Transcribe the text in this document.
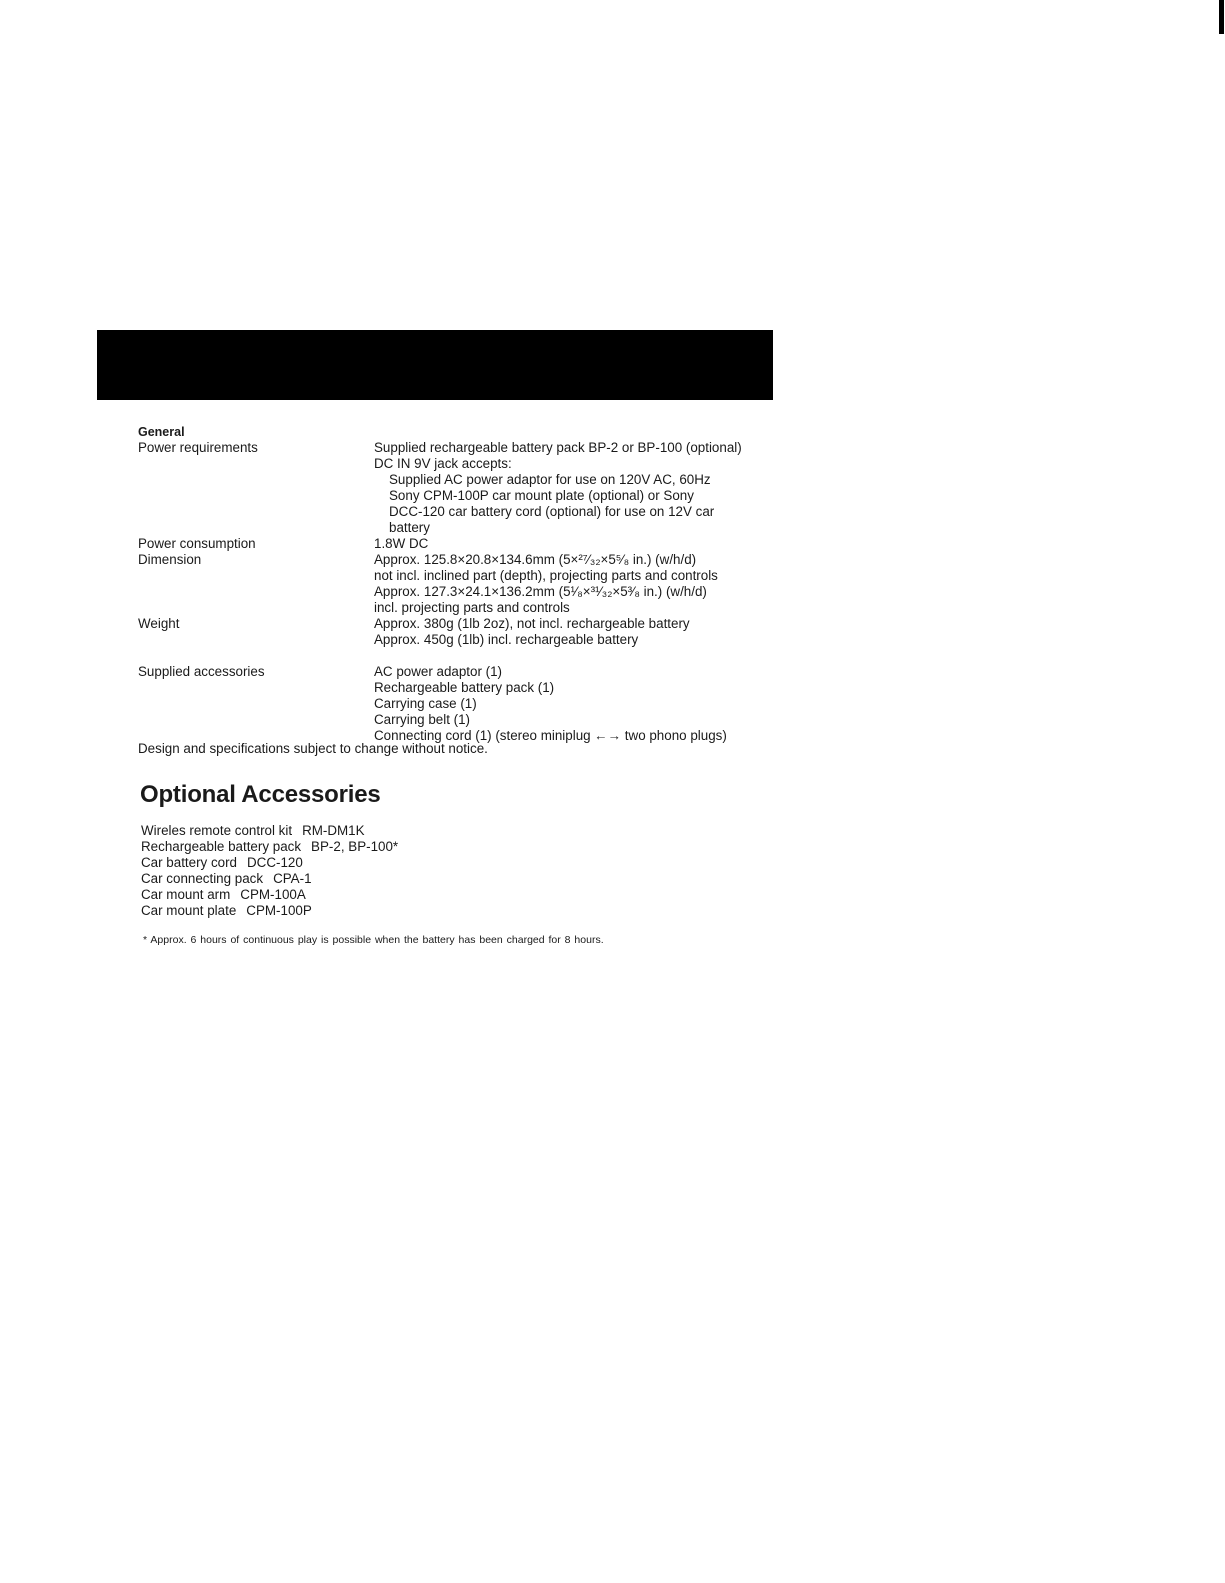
General
Power requirements	Supplied rechargeable battery pack BP-2 or BP-100 (optional)
DC IN 9V jack accepts:
Supplied AC power adaptor for use on 120V AC, 60Hz
Sony CPM-100P car mount plate (optional) or Sony
DCC-120 car battery cord (optional) for use on 12V car
battery
Power consumption	1.8W DC
Dimension	Approx. 125.8×20.8×134.6mm (5×²⁷⁄₃₂×5⁵⁄₈ in.) (w/h/d)
not incl. inclined part (depth), projecting parts and controls
Approx. 127.3×24.1×136.2mm (5¹⁄₈×³¹⁄₃₂×5³⁄₈ in.) (w/h/d)
incl. projecting parts and controls
Weight	Approx. 380g (1lb 2oz), not incl. rechargeable battery
Approx. 450g (1lb) incl. rechargeable battery
Supplied accessories	AC power adaptor (1)
Rechargeable battery pack (1)
Carrying case (1)
Carrying belt (1)
Connecting cord (1) (stereo miniplug ←→ two phono plugs)
Design and specifications subject to change without notice.
Optional Accessories
Wireles remote control kit RM-DM1K
Rechargeable battery pack BP-2, BP-100*
Car battery cord DCC-120
Car connecting pack CPA-1
Car mount arm CPM-100A
Car mount plate CPM-100P
* Approx. 6 hours of continuous play is possible when the battery has been charged for 8 hours.
